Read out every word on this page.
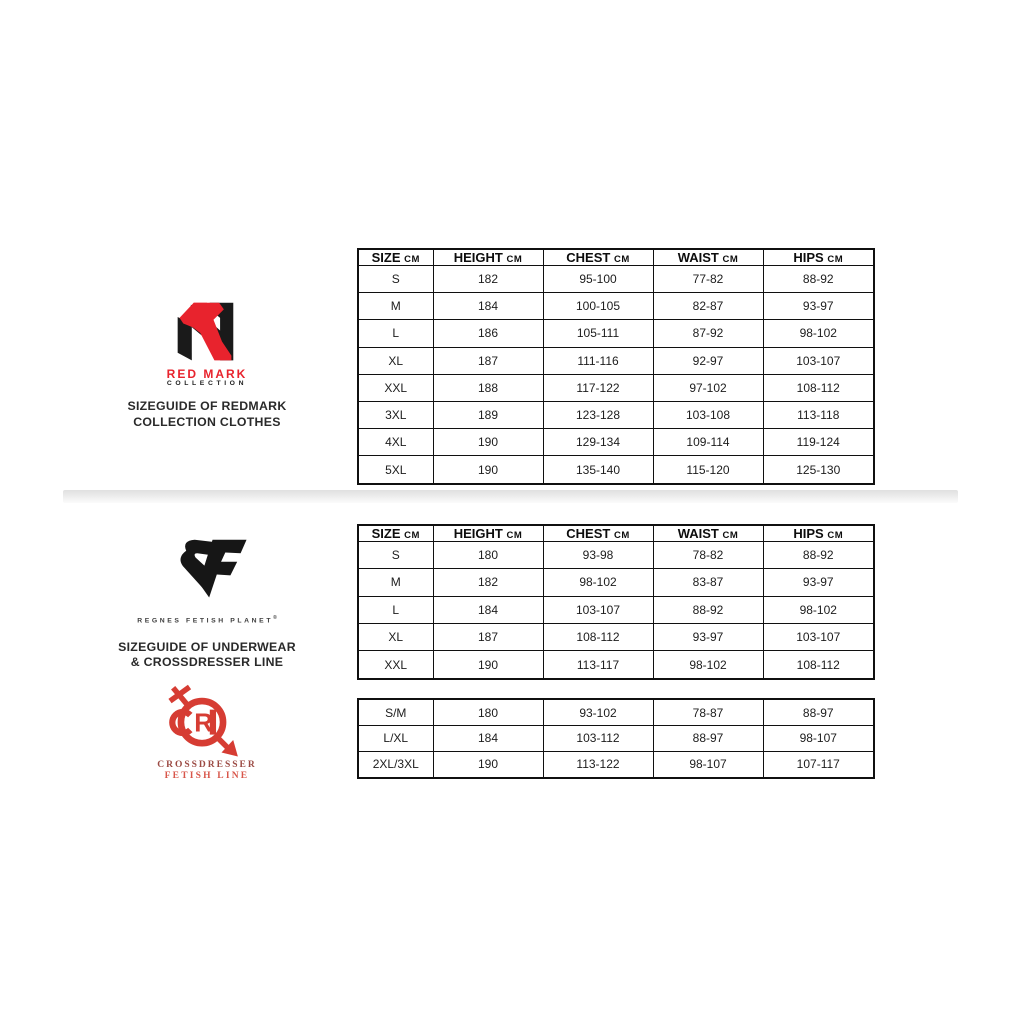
RED MARK
COLLECTION
SIZEGUIDE OF REDMARK
COLLECTION CLOTHES
SIZE CM	HEIGHT CM	CHEST CM	WAIST CM	HIPS CM
S	182	95-100	77-82	88-92
M	184	100-105	82-87	93-97
L	186	105-111	87-92	98-102
XL	187	111-116	92-97	103-107
XXL	188	117-122	97-102	108-112
3XL	189	123-128	103-108	113-118
4XL	190	129-134	109-114	119-124
5XL	190	135-140	115-120	125-130
REGNES FETISH PLANET®
SIZEGUIDE OF UNDERWEAR
& CROSSDRESSER LINE
SIZE CM	HEIGHT CM	CHEST CM	WAIST CM	HIPS CM
S	180	93-98	78-82	88-92
M	182	98-102	83-87	93-97
L	184	103-107	88-92	98-102
XL	187	108-112	93-97	103-107
XXL	190	113-117	98-102	108-112
R
CROSSDRESSER
FETISH LINE
S/M	180	93-102	78-87	88-97
L/XL	184	103-112	88-97	98-107
2XL/3XL	190	113-122	98-107	107-117
